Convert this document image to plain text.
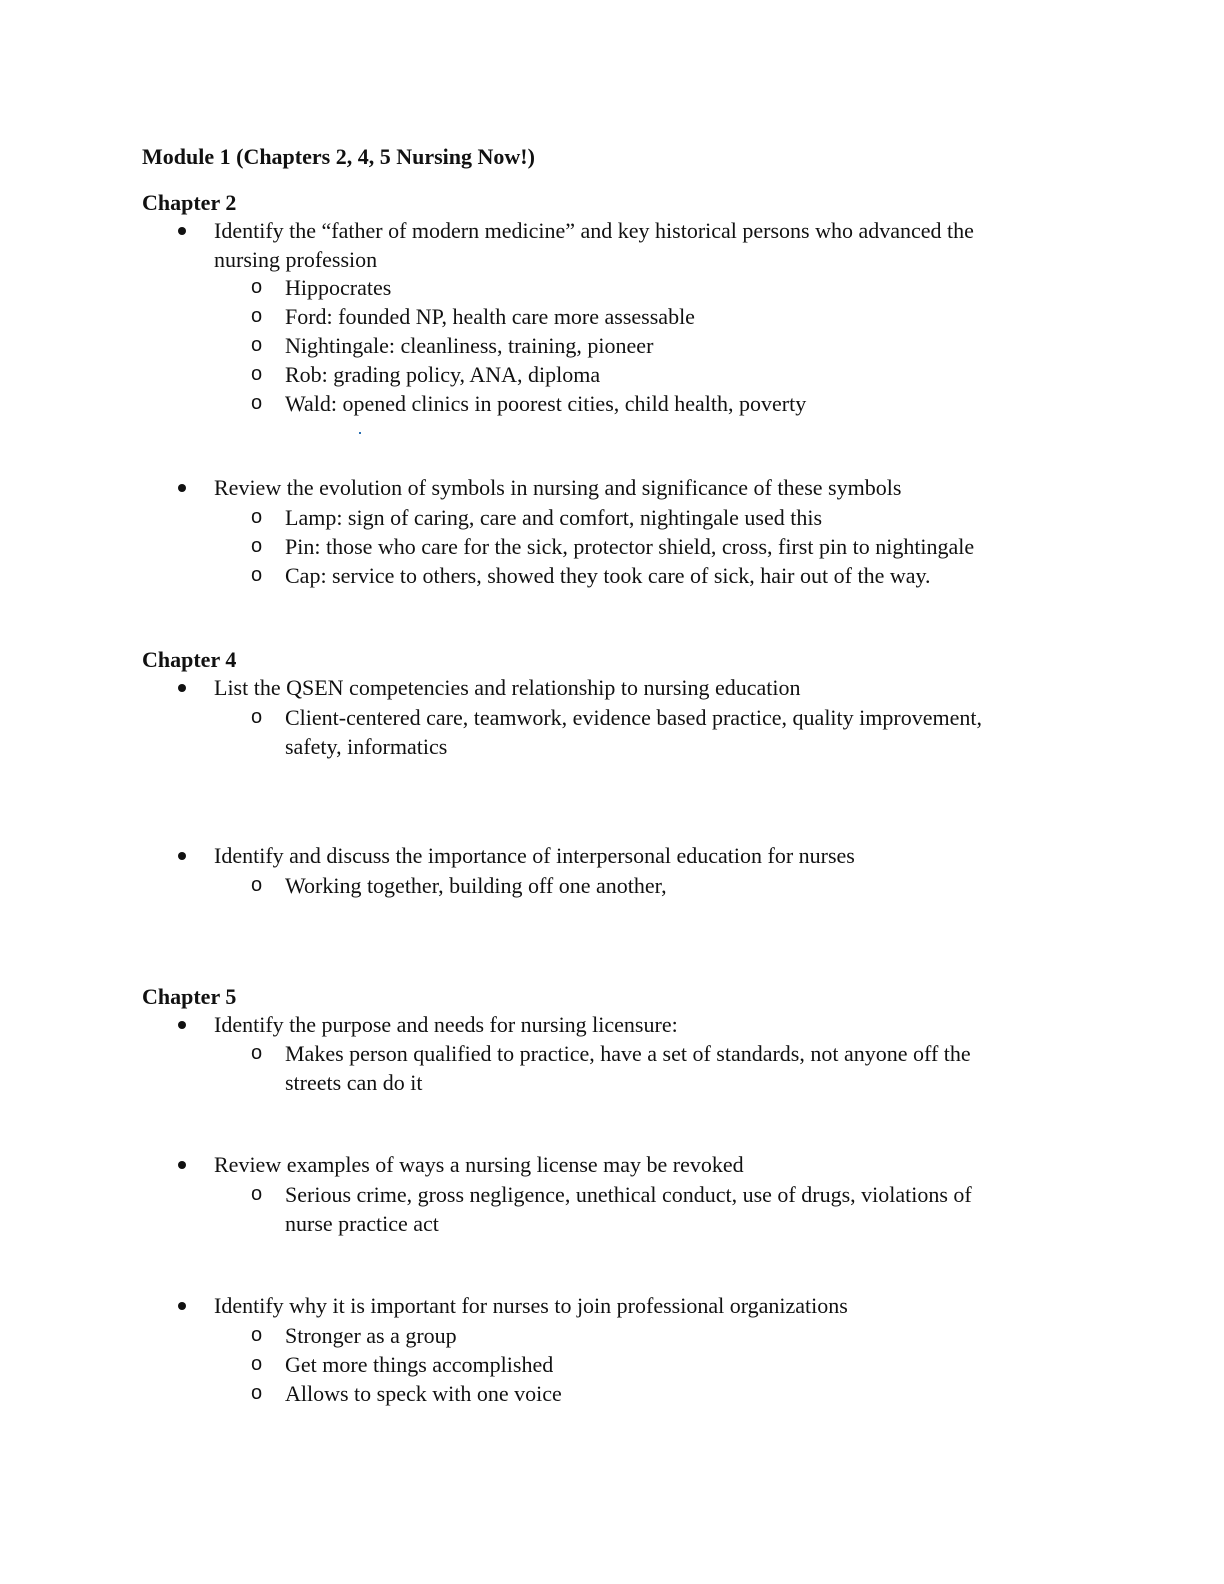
Module 1 (Chapters 2, 4, 5 Nursing Now!)
Chapter 2
Identify the “father of modern medicine” and key historical persons who advanced the
nursing profession
o Hippocrates
o Ford: founded NP, health care more assessable
o Nightingale: cleanliness, training, pioneer
o Rob: grading policy, ANA, diploma
o Wald: opened clinics in poorest cities, child health, poverty
Review the evolution of symbols in nursing and significance of these symbols
o Lamp: sign of caring, care and comfort, nightingale used this
o Pin: those who care for the sick, protector shield, cross, first pin to nightingale
o Cap: service to others, showed they took care of sick, hair out of the way.
Chapter 4
List the QSEN competencies and relationship to nursing education
o Client-centered care, teamwork, evidence based practice, quality improvement,
safety, informatics
Identify and discuss the importance of interpersonal education for nurses
o Working together, building off one another,
Chapter 5
Identify the purpose and needs for nursing licensure:
o Makes person qualified to practice, have a set of standards, not anyone off the
streets can do it
Review examples of ways a nursing license may be revoked
o Serious crime, gross negligence, unethical conduct, use of drugs, violations of
nurse practice act
Identify why it is important for nurses to join professional organizations
o Stronger as a group
o Get more things accomplished
o Allows to speck with one voice
